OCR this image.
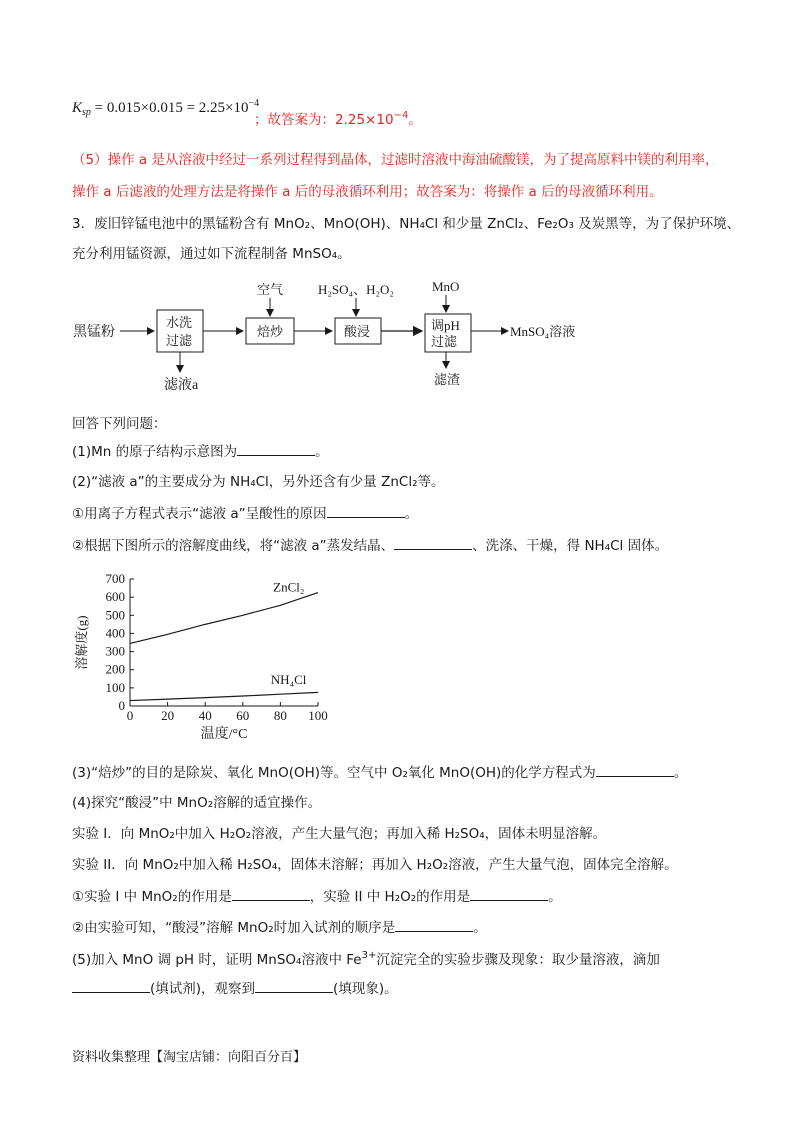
$K_{sp} = 0.015\times 0.015 = 2.25\times 10^{-4}$
；故答案为：$2.25\times 10^{-4}$。
（5）操作 a 是从溶液中经过一系列过程得到晶体，过滤时溶液中海油硫酸镁，为了提高原料中镁的利用率，
操作 a 后滤液的处理方法是将操作 a 后的母液循环利用；故答案为：将操作 a 后的母液循环利用。
3．废旧锌锰电池中的黑锰粉含有 MnO₂、MnO(OH)、NH₄Cl 和少量 ZnCl₂、Fe₂O₃ 及炭黑等，为了保护环境、
充分利用锰资源，通过如下流程制备 MnSO₄。
黑锰粉
水洗
过滤
滤液a
空气
焙炒
H₂SO₄、H₂O₂
酸浸
MnO
调pH
过滤
滤渣
MnSO₄溶液
回答下列问题：
(1)Mn 的原子结构示意图为	。
(2)“滤液 a”的主要成分为 NH₄Cl，另外还含有少量 ZnCl₂等。
①用离子方程式表示“滤液 a”呈酸性的原因	。
②根据下图所示的溶解度曲线，将“滤液 a”蒸发结晶、	、洗涤、干燥，得 NH₄Cl 固体。
0 20 40 60 80 100
0
100
200
300
400
500
600
700
温度/°C
溶解度(g)
ZnCl₂
NH₄Cl
(3)“焙炒”的目的是除炭、氧化 MnO(OH)等。空气中 O₂氧化 MnO(OH)的化学方程式为	。
(4)探究“酸浸”中 MnO₂溶解的适宜操作。
实验 I．向 MnO₂中加入 H₂O₂溶液，产生大量气泡；再加入稀 H₂SO₄，固体未明显溶解。
实验 II．向 MnO₂中加入稀 H₂SO₄，固体未溶解；再加入 H₂O₂溶液，产生大量气泡，固体完全溶解。
①实验 I 中 MnO₂的作用是	，实验 II 中 H₂O₂的作用是	。
②由实验可知，“酸浸”溶解 MnO₂时加入试剂的顺序是	。
(5)加入 MnO 调 pH 时，证明 MnSO₄溶液中 $Fe^{3+}$沉淀完全的实验步骤及现象：取少量溶液，滴加
(填试剂)，观察到	(填现象)。
资料收集整理【淘宝店铺：向阳百分百】
